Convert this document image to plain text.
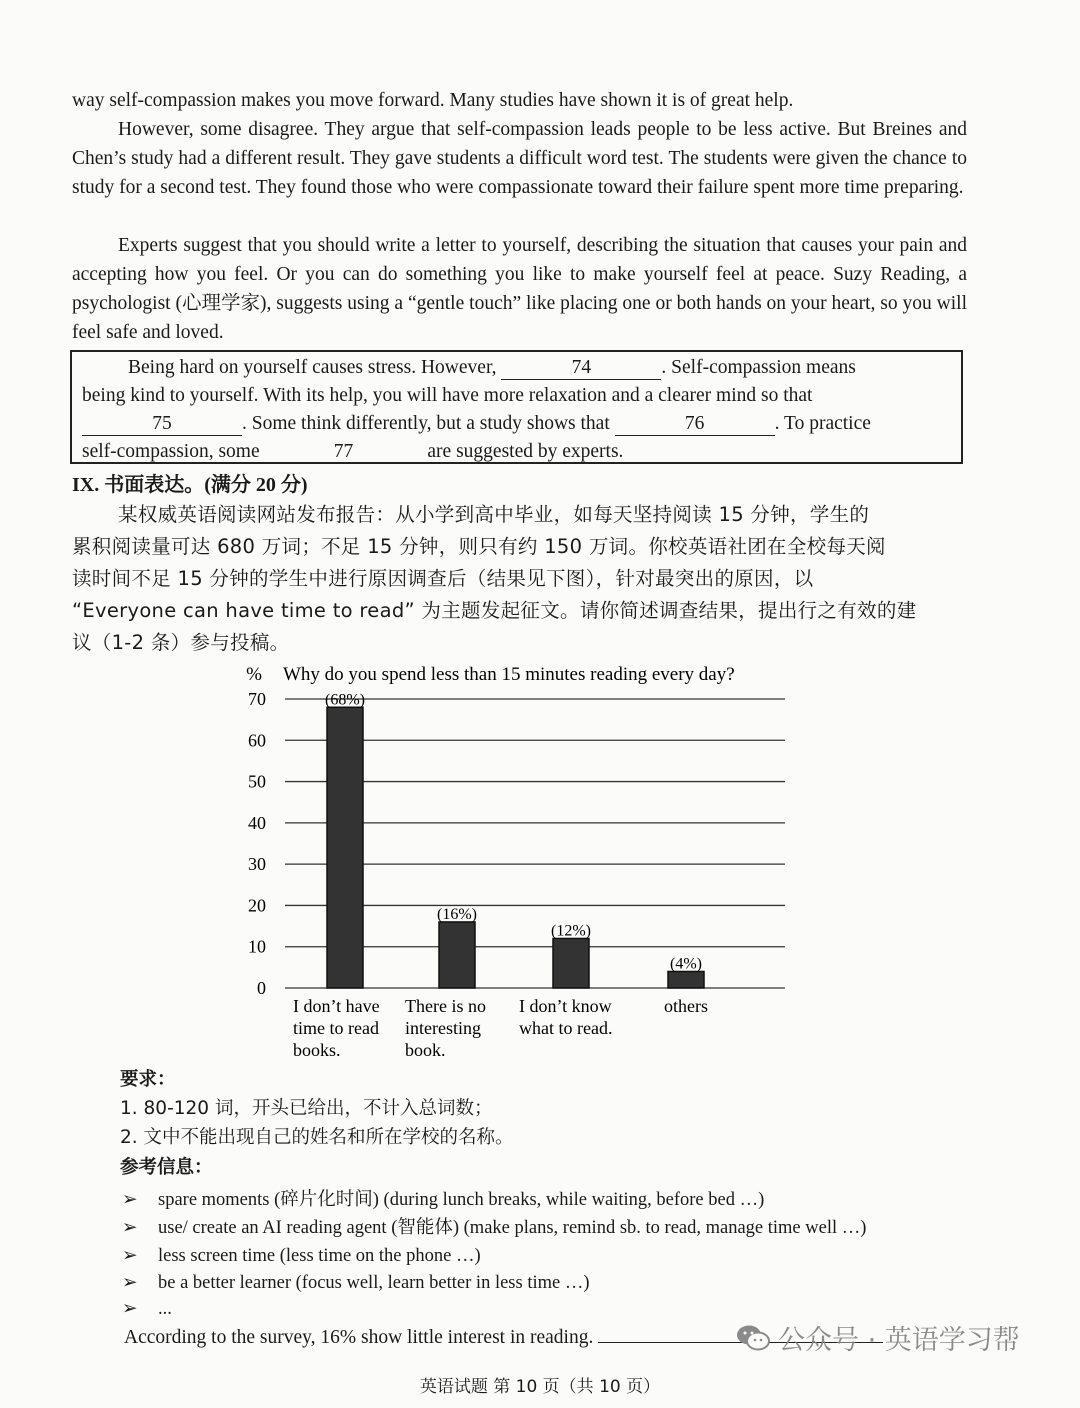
way self-compassion makes you move forward. Many studies have shown it is of great help.

However, some disagree. They argue that self-compassion leads people to be less active. But Breines and Chen’s study had a different result. They gave students a difficult word test. The students were given the chance to study for a second test. They found those who were compassionate toward their failure spent more time preparing.

Experts suggest that you should write a letter to yourself, describing the situation that causes your pain and accepting how you feel. Or you can do something you like to make yourself feel at peace. Suzy Reading, a psychologist (心理学家), suggests using a “gentle touch” like placing one or both hands on your heart, so you will feel safe and loved.

Being hard on yourself causes stress. However,	74	. Self-compassion means
being kind to yourself. With its help, you will have more relaxation and a clearer mind so that
75	. Some think differently, but a study shows that	76	. To practice
self-compassion, some	77	are suggested by experts.
IX. 书面表达。(满分 20 分)
某权威英语阅读网站发布报告：从小学到高中毕业，如每天坚持阅读 15 分钟，学生的
累积阅读量可达 680 万词；不足 15 分钟，则只有约 150 万词。你校英语社团在全校每天阅
读时间不足 15 分钟的学生中进行原因调查后（结果见下图），针对最突出的原因，以
“Everyone can have time to read” 为主题发起征文。请你简述调查结果，提出行之有效的建
议（1-2 条）参与投稿。
% Why do you spend less than 15 minutes reading every day?
0
10
20
30
40
50
60
70	(68%)
(16%)
(12%)
(4%)
I don’t have
time to read
books.
There is no
interesting
book.
I don’t know
what to read.
others
要求：
1. 80-120 词，开头已给出，不计入总词数；
2. 文中不能出现自己的姓名和所在学校的名称。
参考信息：
➢ spare moments (碎片化时间) (during lunch breaks, while waiting, before bed …)
➢ use/ create an AI reading agent (智能体) (make plans, remind sb. to read, manage time well …)
➢ less screen time (less time on the phone …)
➢ be a better learner (focus well, learn better in less time …)
➢ ...
According to the survey, 16% show little interest in reading.	公众号 · 英语学习帮
英语试题 第 10 页（共 10 页）
